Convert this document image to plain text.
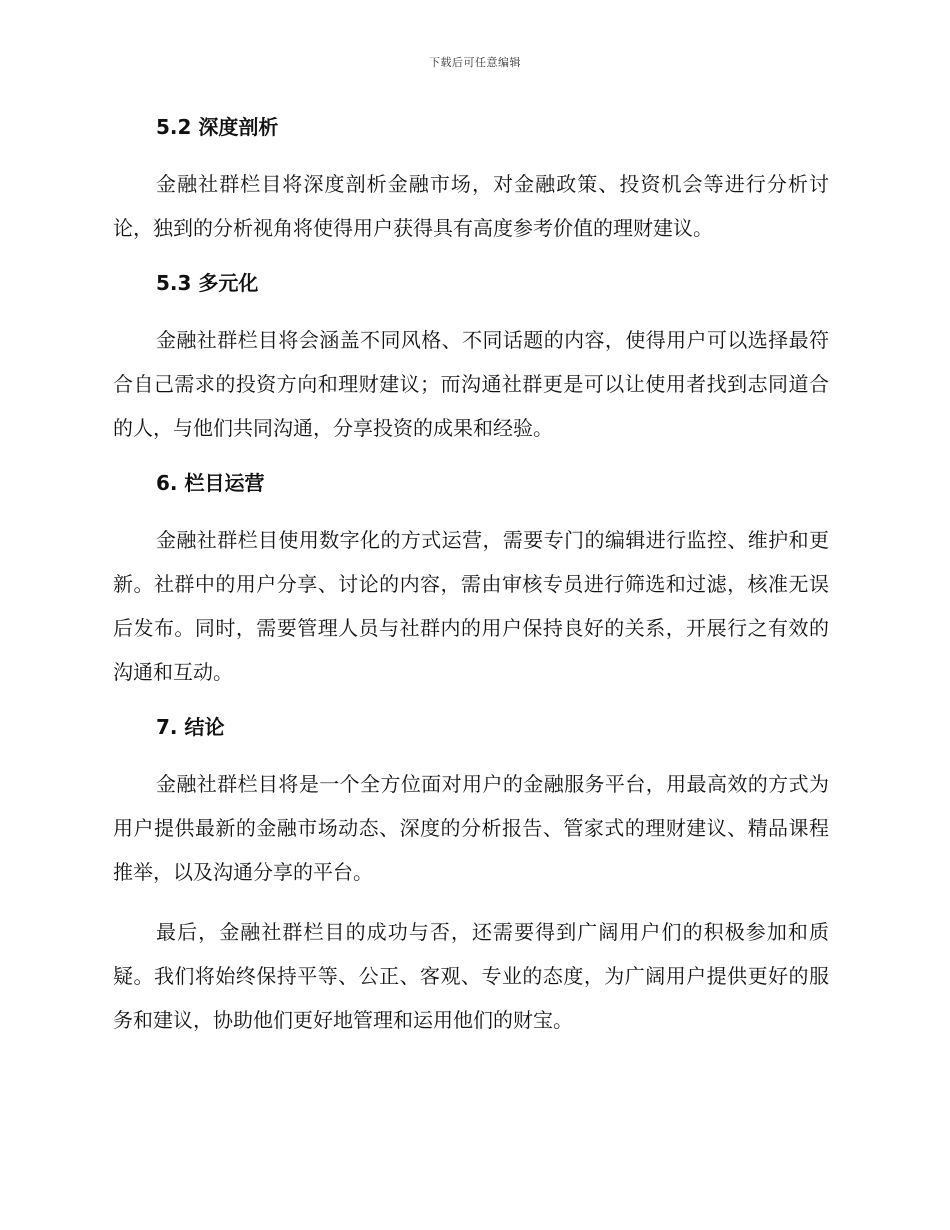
下载后可任意编辑
5.2 深度剖析

金融社群栏目将深度剖析金融市场，对金融政策、投资机会等进行分析讨论，独到的分析视角将使得用户获得具有高度参考价值的理财建议。

5.3 多元化

金融社群栏目将会涵盖不同风格、不同话题的内容，使得用户可以选择最符合自己需求的投资方向和理财建议；而沟通社群更是可以让使用者找到志同道合的人，与他们共同沟通，分享投资的成果和经验。

6. 栏目运营

金融社群栏目使用数字化的方式运营，需要专门的编辑进行监控、维护和更新。社群中的用户分享、讨论的内容，需由审核专员进行筛选和过滤，核准无误后发布。同时，需要管理人员与社群内的用户保持良好的关系，开展行之有效的沟通和互动。

7. 结论

金融社群栏目将是一个全方位面对用户的金融服务平台，用最高效的方式为用户提供最新的金融市场动态、深度的分析报告、管家式的理财建议、精品课程推举，以及沟通分享的平台。

最后，金融社群栏目的成功与否，还需要得到广阔用户们的积极参加和质疑。我们将始终保持平等、公正、客观、专业的态度，为广阔用户提供更好的服务和建议，协助他们更好地管理和运用他们的财宝。
